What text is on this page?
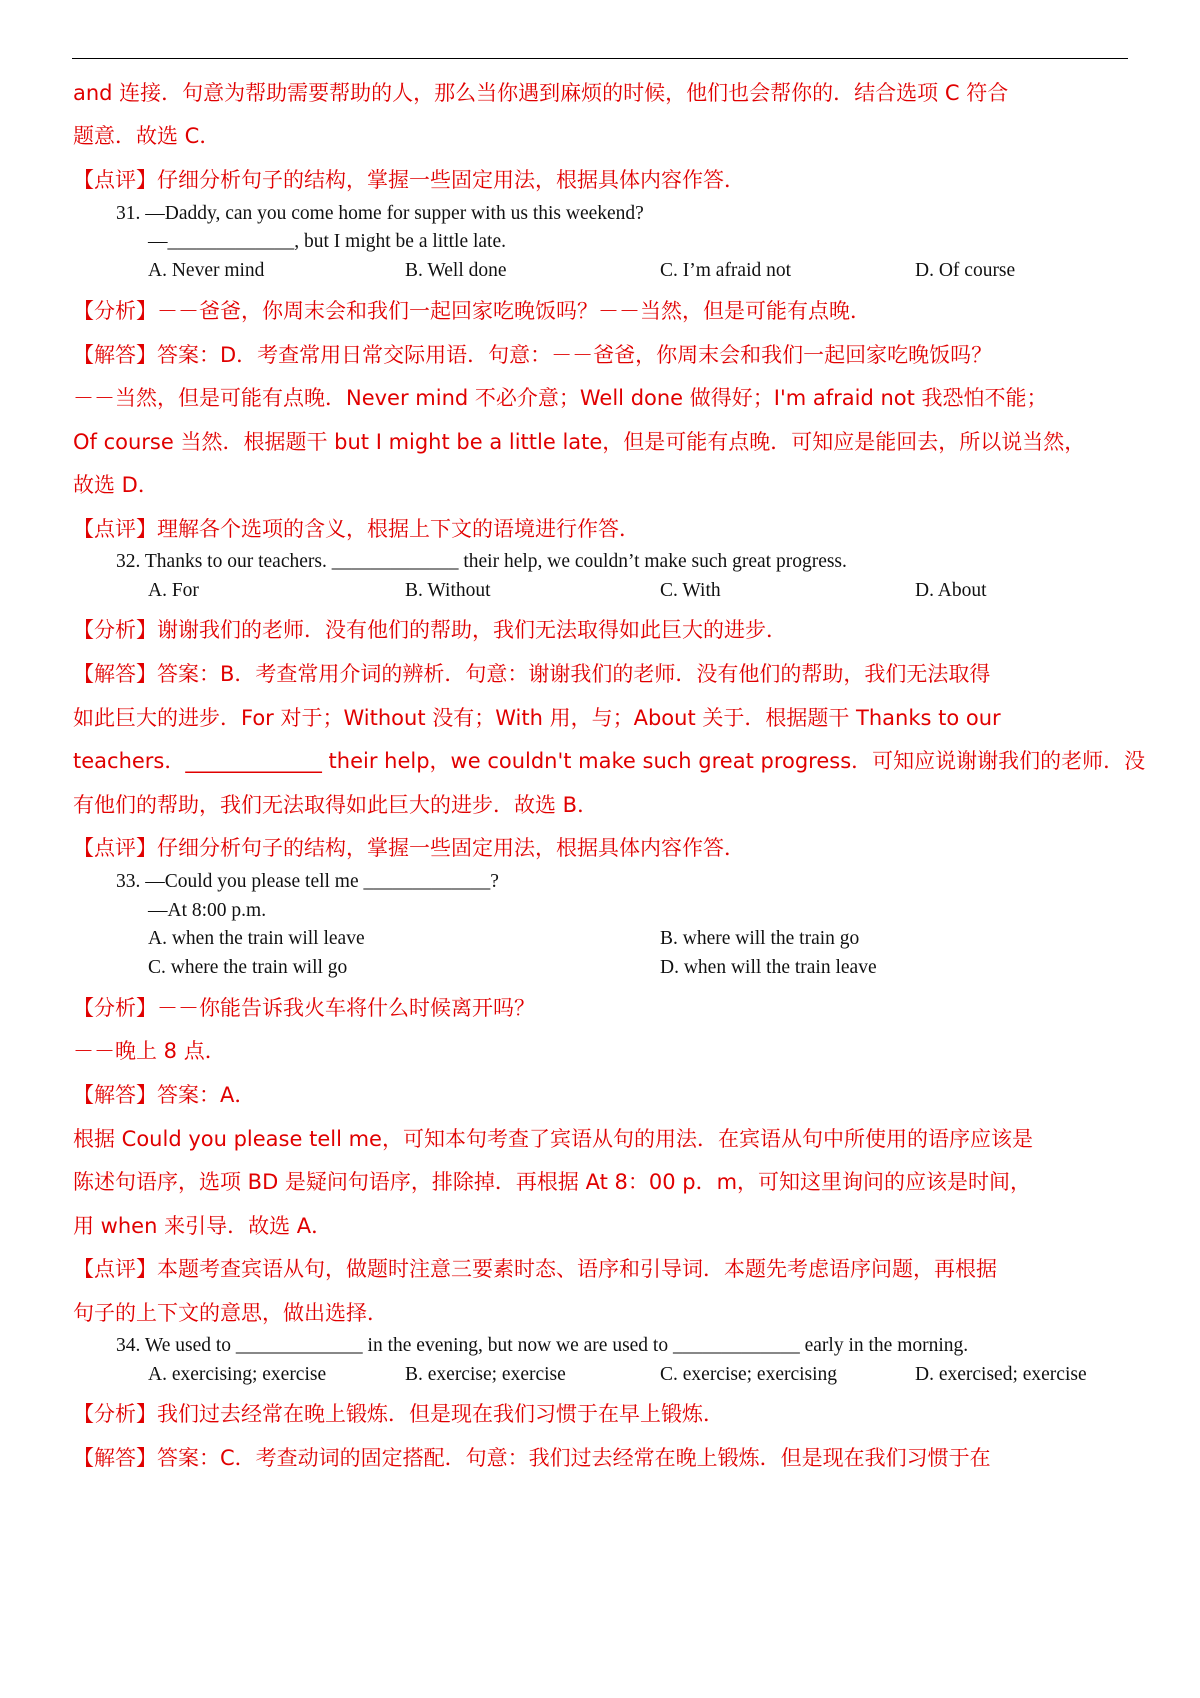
and 连接．句意为帮助需要帮助的人，那么当你遇到麻烦的时候，他们也会帮你的．结合选项 C 符合
题意．故选 C．
【点评】仔细分析句子的结构，掌握一些固定用法，根据具体内容作答．
31. —Daddy, can you come home for supper with us this weekend?
—_____________, but I might be a little late.
A. Never mind	B. Well done	C. I’m afraid not	D. Of course
【分析】－－爸爸，你周末会和我们一起回家吃晚饭吗？－－当然，但是可能有点晚．
【解答】答案：D．考查常用日常交际用语．句意：－－爸爸，你周末会和我们一起回家吃晚饭吗？
－－当然，但是可能有点晚．Never mind 不必介意；Well done 做得好；I'm afraid not 我恐怕不能；
Of course 当然．根据题干 but I might be a little late，但是可能有点晚．可知应是能回去，所以说当然，
故选 D．
【点评】理解各个选项的含义，根据上下文的语境进行作答．
32. Thanks to our teachers. _____________ their help, we couldn’t make such great progress.
A. For	B. Without	C. With	D. About
【分析】谢谢我们的老师．没有他们的帮助，我们无法取得如此巨大的进步．
【解答】答案：B．考查常用介词的辨析．句意：谢谢我们的老师．没有他们的帮助，我们无法取得
如此巨大的进步．For 对于；Without 没有；With 用，与；About 关于．根据题干 Thanks to our
teachers．_____________ their help，we couldn't make such great progress．可知应说谢谢我们的老师．没
有他们的帮助，我们无法取得如此巨大的进步．故选 B．
【点评】仔细分析句子的结构，掌握一些固定用法，根据具体内容作答．
33. —Could you please tell me _____________?
—At 8:00 p.m.
A. when the train will leave	B. where will the train go
C. where the train will go	D. when will the train leave
【分析】－－你能告诉我火车将什么时候离开吗？
－－晚上 8 点．
【解答】答案：A．
根据 Could you please tell me，可知本句考查了宾语从句的用法．在宾语从句中所使用的语序应该是
陈述句语序，选项 BD 是疑问句语序，排除掉．再根据 At 8：00 p．m，可知这里询问的应该是时间，
用 when 来引导．故选 A．
【点评】本题考查宾语从句，做题时注意三要素时态、语序和引导词．本题先考虑语序问题，再根据
句子的上下文的意思，做出选择．
34. We used to _____________ in the evening, but now we are used to _____________ early in the morning.
A. exercising; exercise	B. exercise; exercise	C. exercise; exercising	D. exercised; exercise
【分析】我们过去经常在晚上锻炼．但是现在我们习惯于在早上锻炼．
【解答】答案：C．考查动词的固定搭配．句意：我们过去经常在晚上锻炼．但是现在我们习惯于在
